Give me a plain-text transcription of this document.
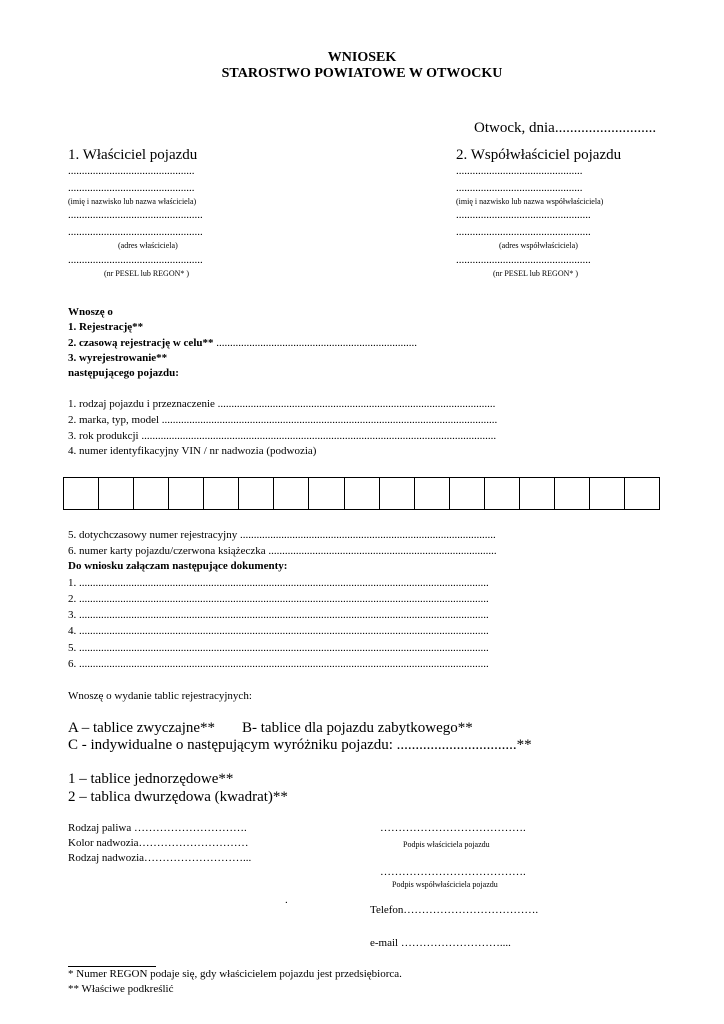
WNIOSEK
STAROSTWO POWIATOWE W OTWOCKU
Otwock, dnia...........................
1. Właściciel pojazdu
..............................................
..............................................
(imię i nazwisko lub nazwa właściciela)
.................................................
.................................................
(adres właściciela)
.................................................
(nr PESEL lub REGON* )
2. Współwłaściciel pojazdu
..............................................
..............................................
(imię i nazwisko lub nazwa współwłaściciela)
.................................................
.................................................
(adres współwłaściciela)
.................................................
(nr PESEL lub REGON* )
Wnoszę o
1. Rejestrację**
2. czasową rejestrację w celu** .........................................................................
3. wyrejestrowanie**
następującego pojazdu:
1. rodzaj pojazdu i przeznaczenie .....................................................................................................
2. marka, typ, model ..........................................................................................................................
3. rok produkcji .................................................................................................................................
4. numer identyfikacyjny VIN / nr nadwozia (podwozia)
5. dotychczasowy numer rejestracyjny .............................................................................................
6. numer karty pojazdu/czerwona książeczka ...................................................................................
Do wniosku załączam następujące dokumenty:
1. .....................................................................................................................................................
2. .....................................................................................................................................................
3. .....................................................................................................................................................
4. .....................................................................................................................................................
5. .....................................................................................................................................................
6. .....................................................................................................................................................
Wnoszę o wydanie tablic rejestracyjnych:
A – tablice zwyczajne** B- tablice dla pojazdu zabytkowego**
C - indywidualne o następującym wyróżniku pojazdu: ................................**
1 – tablice jednorzędowe**
2 – tablica dwurzędowa (kwadrat)**
Rodzaj paliwa ………………………….
Kolor nadwozia…………………………
Rodzaj nadwozia………………………...
………………………………….
Podpis właściciela pojazdu
………………………………….
Podpis współwłaściciela pojazdu
.
Telefon……………………………….
e-mail ………………………....
* Numer REGON podaje się, gdy właścicielem pojazdu jest przedsiębiorca.
** Właściwe podkreślić
